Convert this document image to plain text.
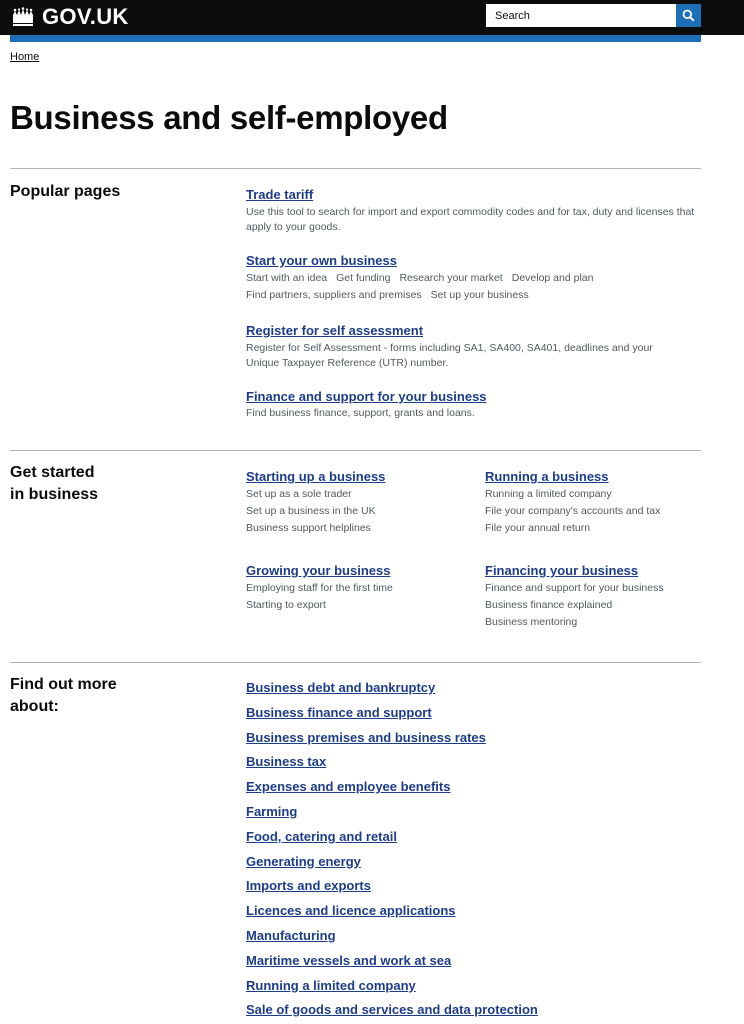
GOV.UK
Search
Home
Business and self-employed
Popular pages	Trade tariff
Use this tool to search for import and export commodity codes and for tax, duty and licenses that apply to your goods.
Start your own business
Start with an idea Get funding Research your market Develop and plan
Find partners, suppliers and premises Set up your business
Register for self assessment
Register for Self Assessment - forms including SA1, SA400, SA401, deadlines and your Unique Taxpayer Reference (UTR) number.
Finance and support for your business
Find business finance, support, grants and loans.
Get started
in business
Starting up a business
Set up as a sole trader
Set up a business in the UK
Business support helplines
Running a business
Running a limited company
File your company's accounts and tax
File your annual return
Growing your business
Employing staff for the first time
Starting to export
Financing your business
Finance and support for your business
Business finance explained
Business mentoring
Find out more
about:
Business debt and bankruptcy
Business finance and support
Business premises and business rates
Business tax
Expenses and employee benefits
Farming
Food, catering and retail
Generating energy
Imports and exports
Licences and licence applications
Manufacturing
Maritime vessels and work at sea
Running a limited company
Sale of goods and services and data protection
